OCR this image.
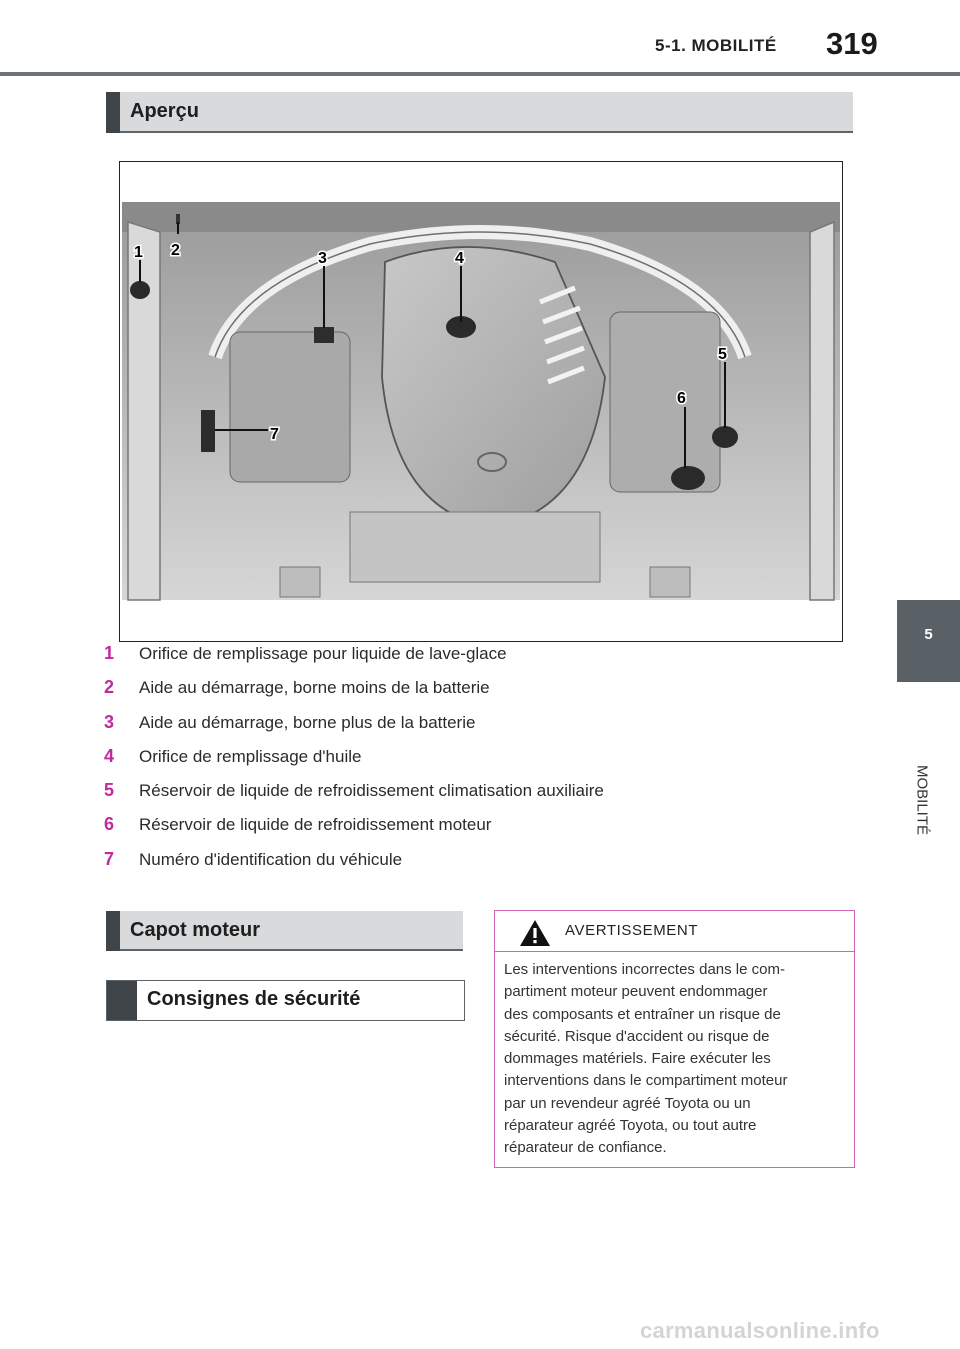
5-1. MOBILITÉ 319
5
MOBILITÉ
Aperçu
1 2	3	4
5
6
7
1	Orifice de remplissage pour liquide de lave-glace
2	Aide au démarrage, borne moins de la batterie
3	Aide au démarrage, borne plus de la batterie
4	Orifice de remplissage d'huile
5	Réservoir de liquide de refroidissement climatisation auxiliaire
6	Réservoir de liquide de refroidissement moteur
7	Numéro d'identification du véhicule
Capot moteur
Consignes de sécurité
AVERTISSEMENT
Les interventions incorrectes dans le com-
partiment moteur peuvent endommager
des composants et entraîner un risque de
sécurité. Risque d'accident ou risque de
dommages matériels. Faire exécuter les
interventions dans le compartiment moteur
par un revendeur agréé Toyota ou un
réparateur agréé Toyota, ou tout autre
réparateur de confiance.
carmanualsonline.info
